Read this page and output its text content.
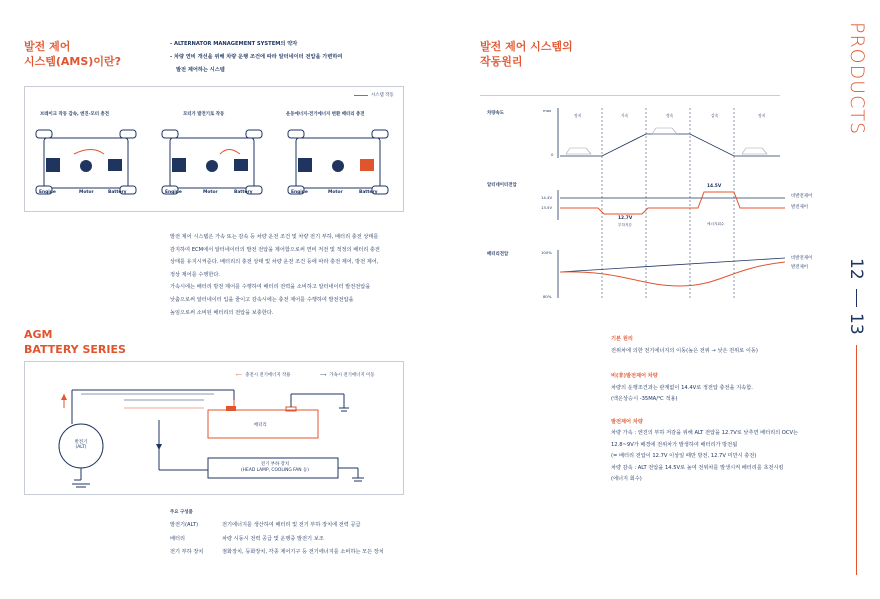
발전 제어
시스템(AMS)이란?
- ALTERNATOR MANAGEMENT SYSTEM의 약자
- 차량 연비 개선을 위해 차량 운행 조건에 따라 알터네이터 전압을 가변하여
발전 제어하는 시스템
시스템 작동
브레이크 작동 감속, 엔진-모터 충전	모터가 발전기로 작동	운동에너지-전기에너지 변환 배터리 충전
Engine	Motor	Battery	Engine	Motor	Battery	Engine	Motor	Battery
발전 제어 시스템은 가속 또는 감속 등 차량 운전 조건 및 차량 전기 부하, 배터리 충전 상태를
감지하여 ECM에서 알터네이터의 발전 전압을 제어함으로써 연비 저전 및 적정의 배터리 충전
상태를 유지시켜준다. 배터리의 충전 상태 및 차량 운전 조건 등에 따라 충전 제어, 방전 제어,
정상 제어를 수행한다.
가속시에는 배터리 방전 제어를 수행하여 배터리 전력을 소비하고 알터네이터 발전전압을
낮춤으로써 알터네이터 입을 줄이고 감속시에는 충전 제어를 수행하여 발전전압을
높임으로써 소비된 배터리의 전압을 보충한다.
AGM
BATTERY SERIES
⟵ 충전시 전기에너지 작용	⟶ 가속시 전기에너지 이동
발전기
(ALT)
배터리
전기 부하 장치
(HEAD LAMP, COOLING FAN 등)
주요 구성품
발전기(ALT)	전기에너지를 생산하여 배터리 및 전기 부하 장치에 전력 공급
배터리	차량 시동시 전력 공급 및 운행중 발전기 보조
전기 부하 장치	점화장치, 등화장치, 각종 제어기구 등 전기에너지를 소비하는 모든 장치
발전 제어 시스템의
작동원리
차량속도
max
0
정지	가속	정속	감속	정지
알터네이터전압
14.4V
13.5V
14.5V
12.7V
부하저감	에너지회수
비발전제어
발전제어
배터리전압	100%
80%
비발전제어
발전제어
기본 원리
전위차에 의한 전기에너지의 이동(높은 전위 → 낮은 전위로 이동)
비(非)발전제어 차량
차량의 운행조건과는 관계없이 14.4V로 정전압 충전을 지속함.
(액온상승시 -35MA/℃ 적용)
발전제어 차량
차량 가속 : 엔진의 부하 저감을 위해 ALT 전압을 12.7V로 낮추면 배터리의 OCV는
12.8~9V가 배경에 전위차가 발생하여 배터리가 방전됨
(= 배터리 전압이 12.7V 이상일 때만 방전, 12.7V 미만시 충전)
차량 감속 : ALT 전압을 14.5V로 높여 전위차를 발생시켜 배터리를 초전시킴
(에너지 회수)
PRODUCTS
12
13
